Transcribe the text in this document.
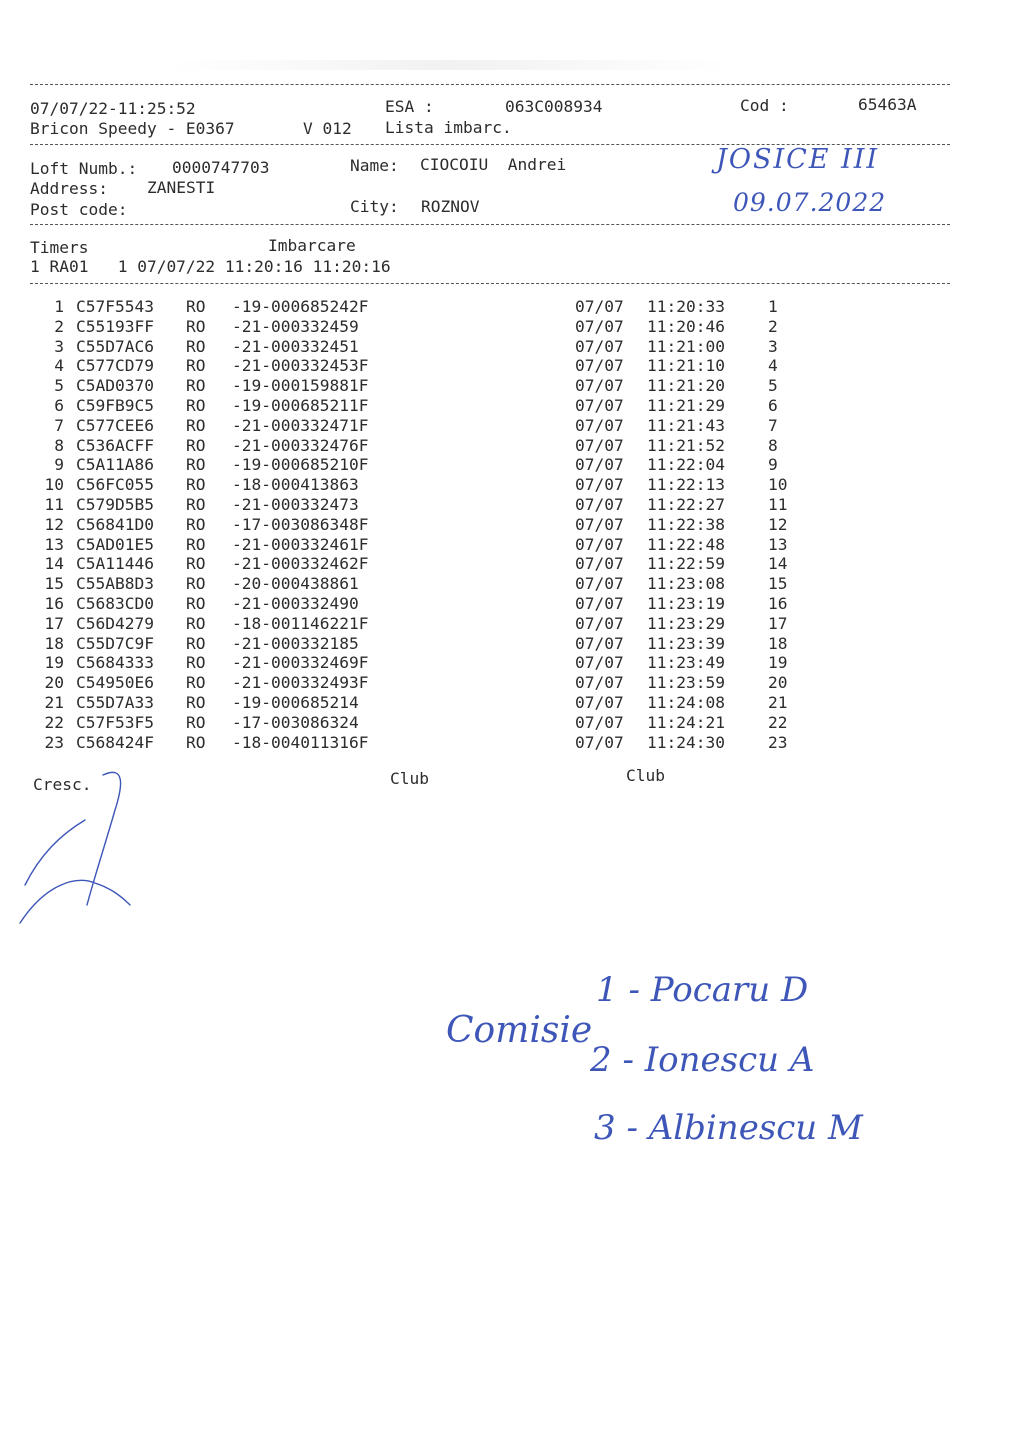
07/07/22-11:25:52	ESA :	063C008934	Cod :	65463A
Bricon Speedy - E0367	V 012 Lista imbarc.
Loft Numb.: 0000747703	Name: CIOCOIU  Andrei
Address: ZANESTI
Post code:	City: ROZNOV
JOSICE III
09.07.2022
Timers	Imbarcare
1 RA01   1 07/07/22 11:20:16 11:20:16
1 C57F5543 RO -19-000685242F	07/07 11:20:33	1
2 C55193FF RO -21-000332459	07/07 11:20:46	2
3 C55D7AC6 RO -21-000332451	07/07 11:21:00	3
4 C577CD79 RO -21-000332453F	07/07 11:21:10	4
5 C5AD0370 RO -19-000159881F	07/07 11:21:20	5
6 C59FB9C5 RO -19-000685211F	07/07 11:21:29	6
7 C577CEE6 RO -21-000332471F	07/07 11:21:43	7
8 C536ACFF RO -21-000332476F	07/07 11:21:52	8
9 C5A11A86 RO -19-000685210F	07/07 11:22:04	9
10 C56FC055 RO -18-000413863	07/07 11:22:13	10
11 C579D5B5 RO -21-000332473	07/07 11:22:27	11
12 C56841D0 RO -17-003086348F	07/07 11:22:38	12
13 C5AD01E5 RO -21-000332461F	07/07 11:22:48	13
14 C5A11446 RO -21-000332462F	07/07 11:22:59	14
15 C55AB8D3 RO -20-000438861	07/07 11:23:08	15
16 C5683CD0 RO -21-000332490	07/07 11:23:19	16
17 C56D4279 RO -18-001146221F	07/07 11:23:29	17
18 C55D7C9F RO -21-000332185	07/07 11:23:39	18
19 C5684333 RO -21-000332469F	07/07 11:23:49	19
20 C54950E6 RO -21-000332493F	07/07 11:23:59	20
21 C55D7A33 RO -19-000685214	07/07 11:24:08	21
22 C57F53F5 RO -17-003086324	07/07 11:24:21	22
23 C568424F RO -18-004011316F	07/07 11:24:30	23
Cresc.	Club	Club
Comisie
1 - Pocaru D
2 - Ionescu A
3 - Albinescu M
